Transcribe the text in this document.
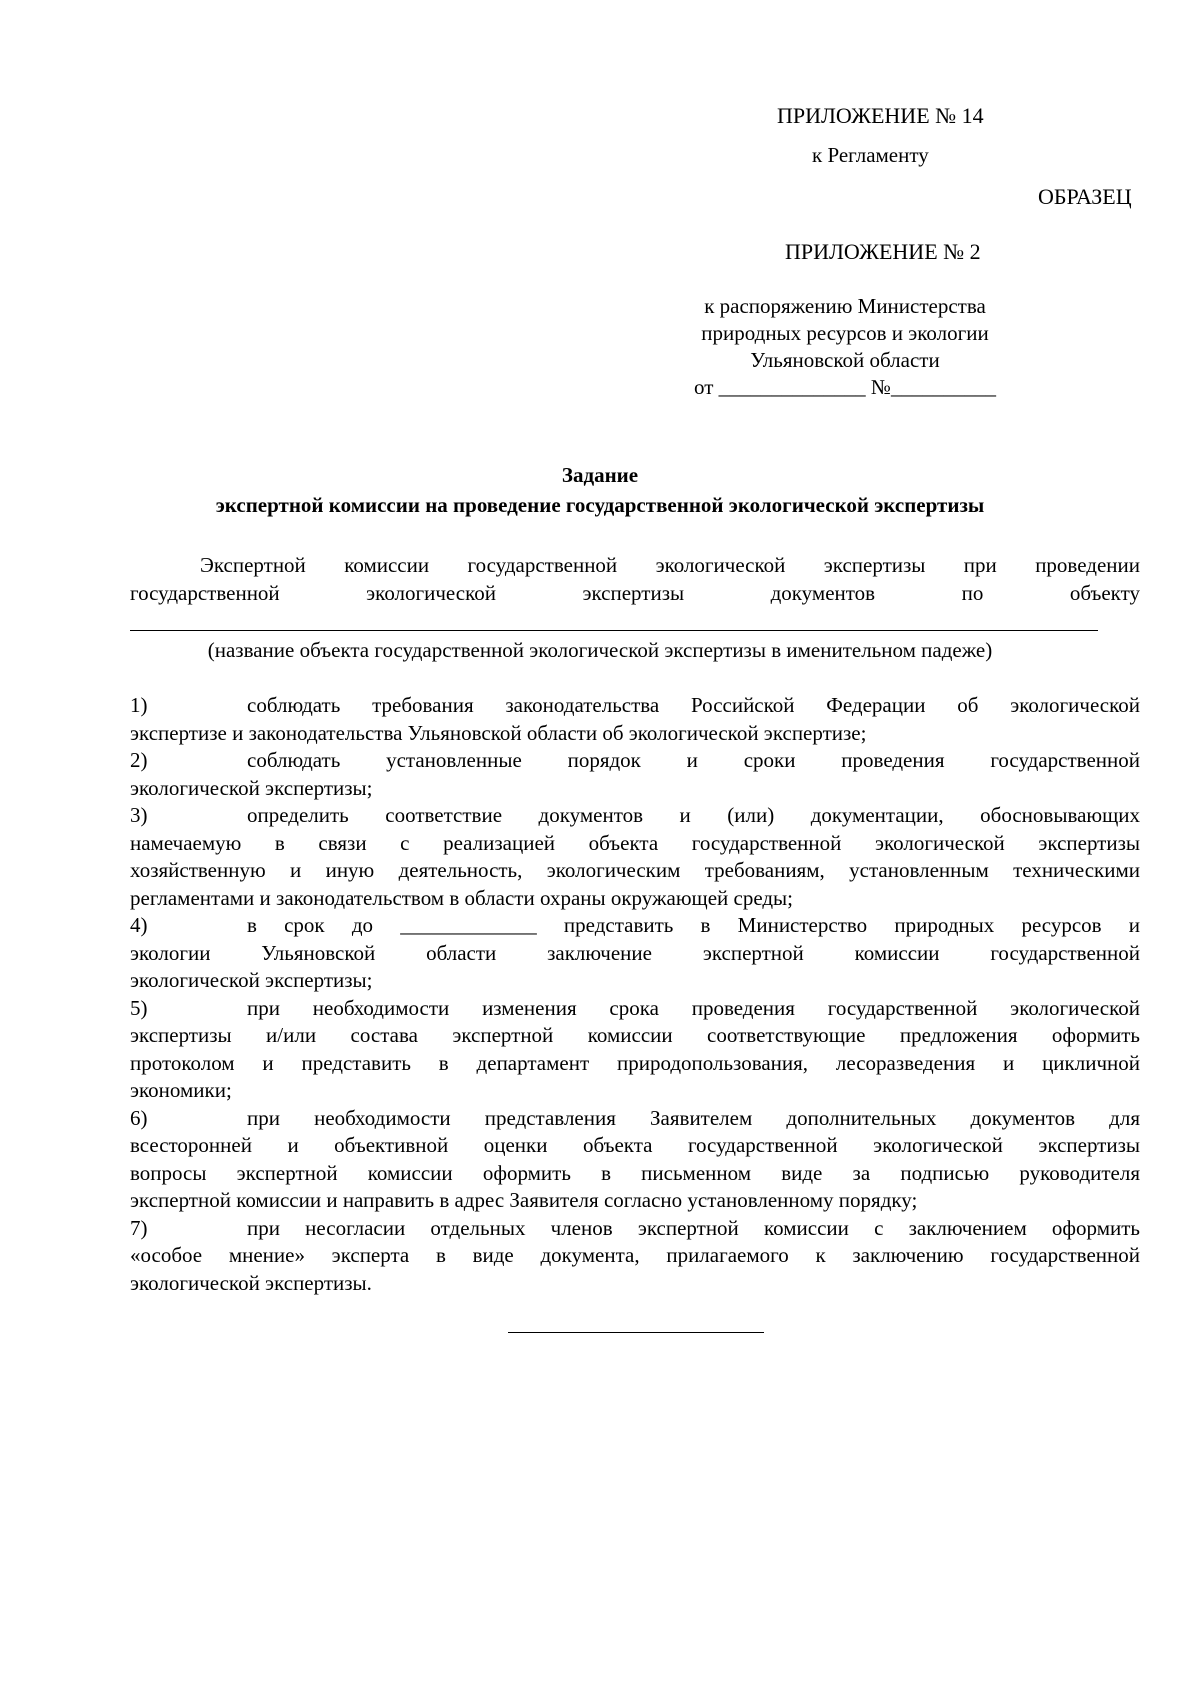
ПРИЛОЖЕНИЕ № 14
к Регламенту
ОБРАЗЕЦ
ПРИЛОЖЕНИЕ № 2
к распоряжению Министерства
природных ресурсов и экологии
Ульяновской области
от ______________ №__________
Задание
экспертной комиссии на проведение государственной экологической экспертизы
Экспертной комиссии государственной экологической экспертизы при проведении
государственной экологической экспертизы документов по объекту
(название объекта государственной экологической экспертизы в именительном падеже)
1)	соблюдать требования законодательства Российской Федерации об экологической
экспертизе и законодательства Ульяновской области об экологической экспертизе;
2)	соблюдать установленные порядок и сроки проведения государственной
экологической экспертизы;
3)	определить соответствие документов и (или) документации, обосновывающих
намечаемую в связи с реализацией объекта государственной экологической экспертизы
хозяйственную и иную деятельность, экологическим требованиям, установленным техническими
регламентами и законодательством в области охраны окружающей среды;
4)	в срок до _____________ представить в Министерство природных ресурсов и
экологии Ульяновской области заключение экспертной комиссии государственной
экологической экспертизы;
5)	при необходимости изменения срока проведения государственной экологической
экспертизы и/или состава экспертной комиссии соответствующие предложения оформить
протоколом и представить в департамент природопользования, лесоразведения и цикличной
экономики;
6)	при необходимости представления Заявителем дополнительных документов для
всесторонней и объективной оценки объекта государственной экологической экспертизы
вопросы экспертной комиссии оформить в письменном виде за подписью руководителя
экспертной комиссии и направить в адрес Заявителя согласно установленному порядку;
7)	при несогласии отдельных членов экспертной комиссии с заключением оформить
«особое мнение» эксперта в виде документа, прилагаемого к заключению государственной
экологической экспертизы.
